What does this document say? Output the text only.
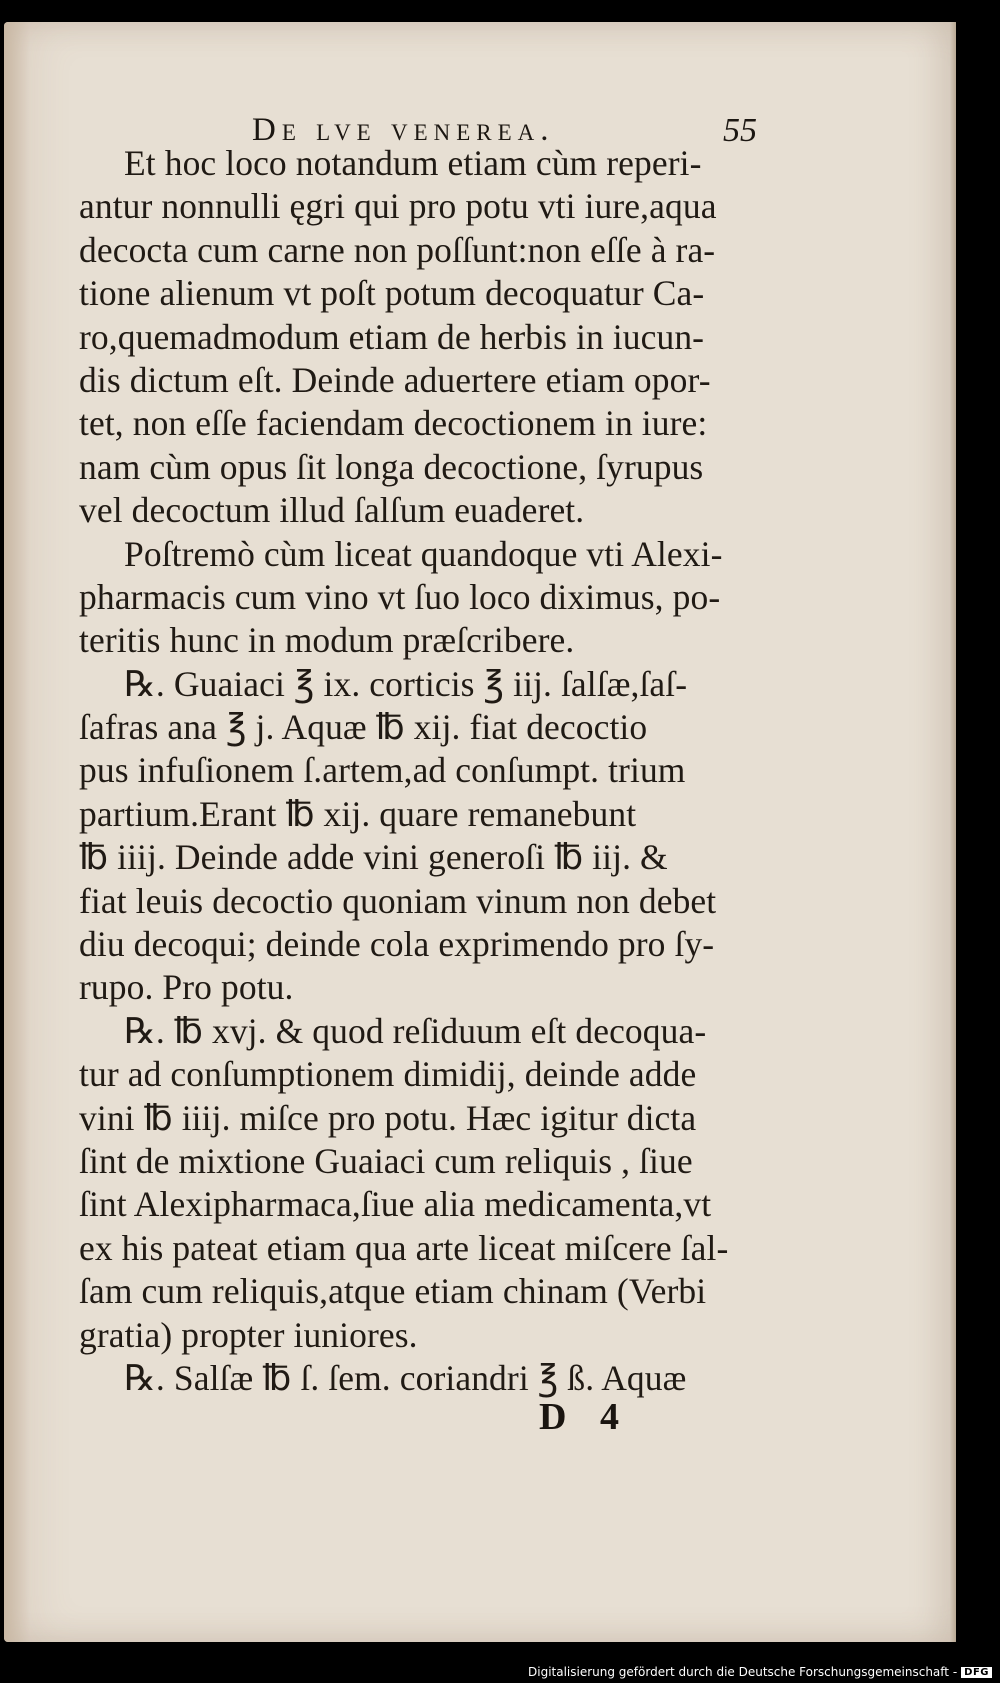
De lve venerea.	55
Et hoc loco notandum etiam cùm reperi-
antur nonnulli ęgri qui pro potu vti iure,aqua
decocta cum carne non poſſunt:non eſſe à ra-
tione alienum vt poſt potum decoquatur Ca-
ro,quemadmodum etiam de herbis in iucun-
dis dictum eſt. Deinde aduertere etiam opor-
tet, non eſſe faciendam decoctionem in iure:
nam cùm opus ſit longa decoctione, ſyrupus
vel decoctum illud ſalſum euaderet.
Poſtremò cùm liceat quandoque vti Alexi-
pharmacis cum vino vt ſuo loco diximus, po-
teritis hunc in modum præſcribere.
℞. Guaiaci ℥ ix. corticis ℥ iij. ſalſæ,ſaſ-
ſafras ana ℥ j. Aquæ ℔ xij. fiat decoctio
pus infuſionem ſ.artem,ad conſumpt. trium
partium.Erant ℔ xij. quare remanebunt
℔ iiij. Deinde adde vini generoſi ℔ iij. &
fiat leuis decoctio quoniam vinum non debet
diu decoqui; deinde cola exprimendo pro ſy-
rupo. Pro potu.
℞. ℔ xvj. & quod reſiduum eſt decoqua-
tur ad conſumptionem dimidij, deinde adde
vini ℔ iiij. miſce pro potu. Hæc igitur dicta
ſint de mixtione Guaiaci cum reliquis , ſiue
ſint Alexipharmaca,ſiue alia medicamenta,vt
ex his pateat etiam qua arte liceat miſcere ſal-
ſam cum reliquis,atque etiam chinam (Verbi
gratia) propter iuniores.
℞. Salſæ ℔ ſ. ſem. coriandri ℥ ß. Aquæ
D 4
Digitalisierung gefördert durch die Deutsche Forschungsgemeinschaft - DFG
